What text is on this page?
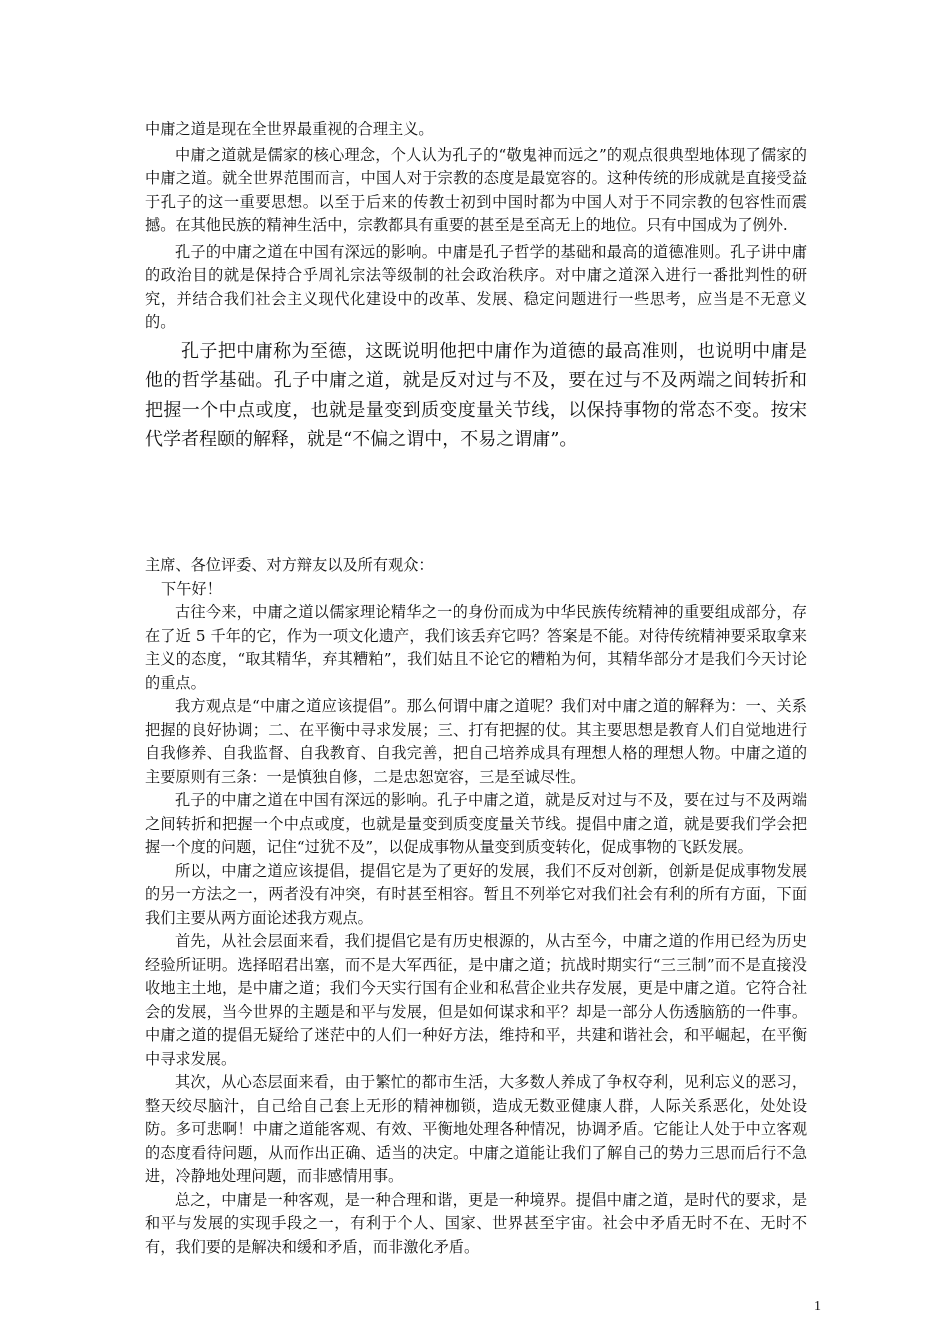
中庸之道是现在全世界最重视的合理主义。

中庸之道就是儒家的核心理念，个人认为孔子的“敬鬼神而远之”的观点很典型地体现了儒家的中庸之道。就全世界范围而言，中国人对于宗教的态度是最宽容的。这种传统的形成就是直接受益于孔子的这一重要思想。以至于后来的传教士初到中国时都为中国人对于不同宗教的包容性而震撼。在其他民族的精神生活中，宗教都具有重要的甚至是至高无上的地位。只有中国成为了例外.

孔子的中庸之道在中国有深远的影响。中庸是孔子哲学的基础和最高的道德准则。孔子讲中庸的政治目的就是保持合乎周礼宗法等级制的社会政治秩序。对中庸之道深入进行一番批判性的研究，并结合我们社会主义现代化建设中的改革、发展、稳定问题进行一些思考，应当是不无意义的。

孔子把中庸称为至德，这既说明他把中庸作为道德的最高准则，也说明中庸是他的哲学基础。孔子中庸之道，就是反对过与不及，要在过与不及两端之间转折和把握一个中点或度，也就是量变到质变度量关节线，以保持事物的常态不变。按宋代学者程颐的解释，就是“不偏之谓中，不易之谓庸”。

主席、各位评委、对方辩友以及所有观众：

下午好！

古往今来，中庸之道以儒家理论精华之一的身份而成为中华民族传统精神的重要组成部分，存在了近 5 千年的它，作为一项文化遗产，我们该丢弃它吗？答案是不能。对待传统精神要采取拿来主义的态度，“取其精华，弃其糟粕”，我们姑且不论它的糟粕为何，其精华部分才是我们今天讨论的重点。

我方观点是“中庸之道应该提倡”。那么何谓中庸之道呢？我们对中庸之道的解释为：一、关系把握的良好协调；二、在平衡中寻求发展；三、打有把握的仗。其主要思想是教育人们自觉地进行自我修养、自我监督、自我教育、自我完善，把自己培养成具有理想人格的理想人物。中庸之道的主要原则有三条：一是慎独自修，二是忠恕宽容，三是至诚尽性。

孔子的中庸之道在中国有深远的影响。孔子中庸之道，就是反对过与不及，要在过与不及两端之间转折和把握一个中点或度，也就是量变到质变度量关节线。提倡中庸之道，就是要我们学会把握一个度的问题，记住“过犹不及”，以促成事物从量变到质变转化，促成事物的飞跃发展。

所以，中庸之道应该提倡，提倡它是为了更好的发展，我们不反对创新，创新是促成事物发展的另一方法之一，两者没有冲突，有时甚至相容。暂且不列举它对我们社会有利的所有方面，下面我们主要从两方面论述我方观点。

首先，从社会层面来看，我们提倡它是有历史根源的，从古至今，中庸之道的作用已经为历史经验所证明。选择昭君出塞，而不是大军西征，是中庸之道；抗战时期实行“三三制”而不是直接没收地主土地，是中庸之道；我们今天实行国有企业和私营企业共存发展，更是中庸之道。它符合社会的发展，当今世界的主题是和平与发展，但是如何谋求和平？却是一部分人伤透脑筋的一件事。中庸之道的提倡无疑给了迷茫中的人们一种好方法，维持和平，共建和谐社会，和平崛起，在平衡中寻求发展。

其次，从心态层面来看，由于繁忙的都市生活，大多数人养成了争权夺利，见利忘义的恶习，整天绞尽脑汁，自己给自己套上无形的精神枷锁，造成无数亚健康人群，人际关系恶化，处处设防。多可悲啊！中庸之道能客观、有效、平衡地处理各种情况，协调矛盾。它能让人处于中立客观的态度看待问题，从而作出正确、适当的决定。中庸之道能让我们了解自己的势力三思而后行不急进，冷静地处理问题，而非感情用事。

总之，中庸是一种客观，是一种合理和谐，更是一种境界。提倡中庸之道，是时代的要求，是和平与发展的实现手段之一，有利于个人、国家、世界甚至宇宙。社会中矛盾无时不在、无时不有，我们要的是解决和缓和矛盾，而非激化矛盾。

1
